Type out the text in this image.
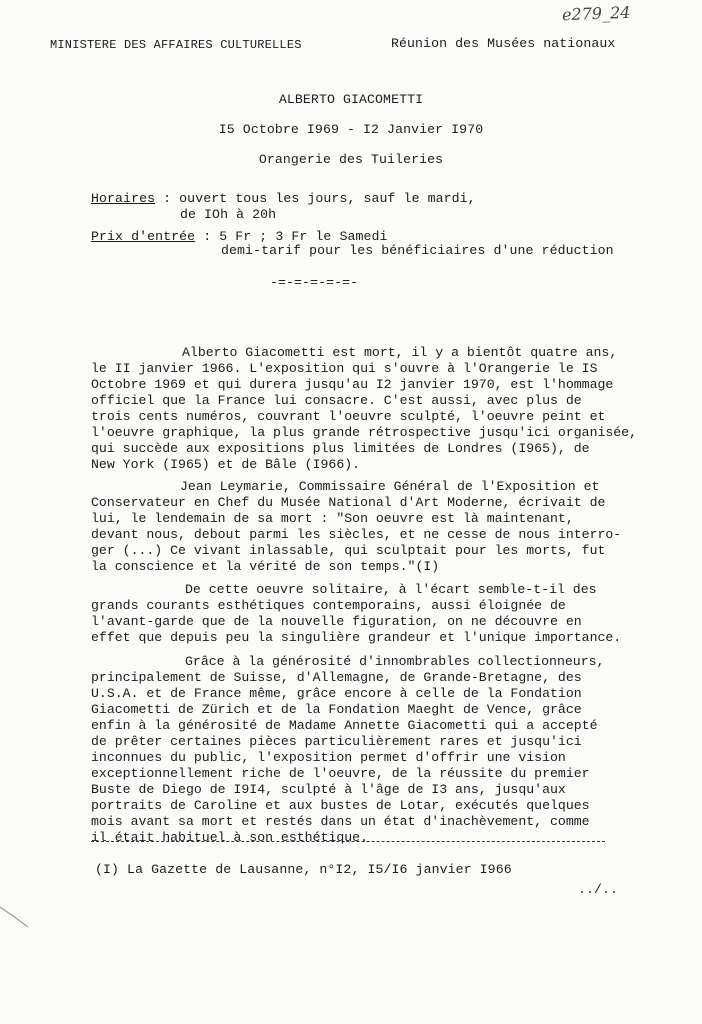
MINISTERE DES AFFAIRES CULTURELLES	Réunion des Musées nationaux
e279_24
ALBERTO GIACOMETTI
I5 Octobre I969 - I2 Janvier I970
Orangerie des Tuileries
Horaires : ouvert tous les jours, sauf le mardi,
de IOh à 20h
Prix d'entrée : 5 Fr ; 3 Fr le Samedi
demi-tarif pour les bénéficiaires d'une réduction
-=-=-=-=-=-
Alberto Giacometti est mort, il y a bientôt quatre ans,
le II janvier 1966. L'exposition qui s'ouvre à l'Orangerie le IS
Octobre 1969 et qui durera jusqu'au I2 janvier 1970, est l'hommage
officiel que la France lui consacre. C'est aussi, avec plus de
trois cents numéros, couvrant l'oeuvre sculpté, l'oeuvre peint et
l'oeuvre graphique, la plus grande rétrospective jusqu'ici organisée,
qui succède aux expositions plus limitées de Londres (I965), de
New York (I965) et de Bâle (I966).
Jean Leymarie, Commissaire Général de l'Exposition et
Conservateur en Chef du Musée National d'Art Moderne, écrivait de
lui, le lendemain de sa mort : "Son oeuvre est là maintenant,
devant nous, debout parmi les siècles, et ne cesse de nous interro-
ger (...) Ce vivant inlassable, qui sculptait pour les morts, fut
la conscience et la vérité de son temps."(I)
De cette oeuvre solitaire, à l'écart semble-t-il des
grands courants esthétiques contemporains, aussi éloignée de
l'avant-garde que de la nouvelle figuration, on ne découvre en
effet que depuis peu la singulière grandeur et l'unique importance.
Grâce à la générosité d'innombrables collectionneurs,
principalement de Suisse, d'Allemagne, de Grande-Bretagne, des
U.S.A. et de France même, grâce encore à celle de la Fondation
Giacometti de Zürich et de la Fondation Maeght de Vence, grâce
enfin à la générosité de Madame Annette Giacometti qui a accepté
de prêter certaines pièces particulièrement rares et jusqu'ici
inconnues du public, l'exposition permet d'offrir une vision
exceptionnellement riche de l'oeuvre, de la réussite du premier
Buste de Diego de I9I4, sculpté à l'âge de I3 ans, jusqu'aux
portraits de Caroline et aux bustes de Lotar, exécutés quelques
mois avant sa mort et restés dans un état d'inachèvement, comme
il était habituel à son esthétique.
(I) La Gazette de Lausanne, n°I2, I5/I6 janvier I966
../..
